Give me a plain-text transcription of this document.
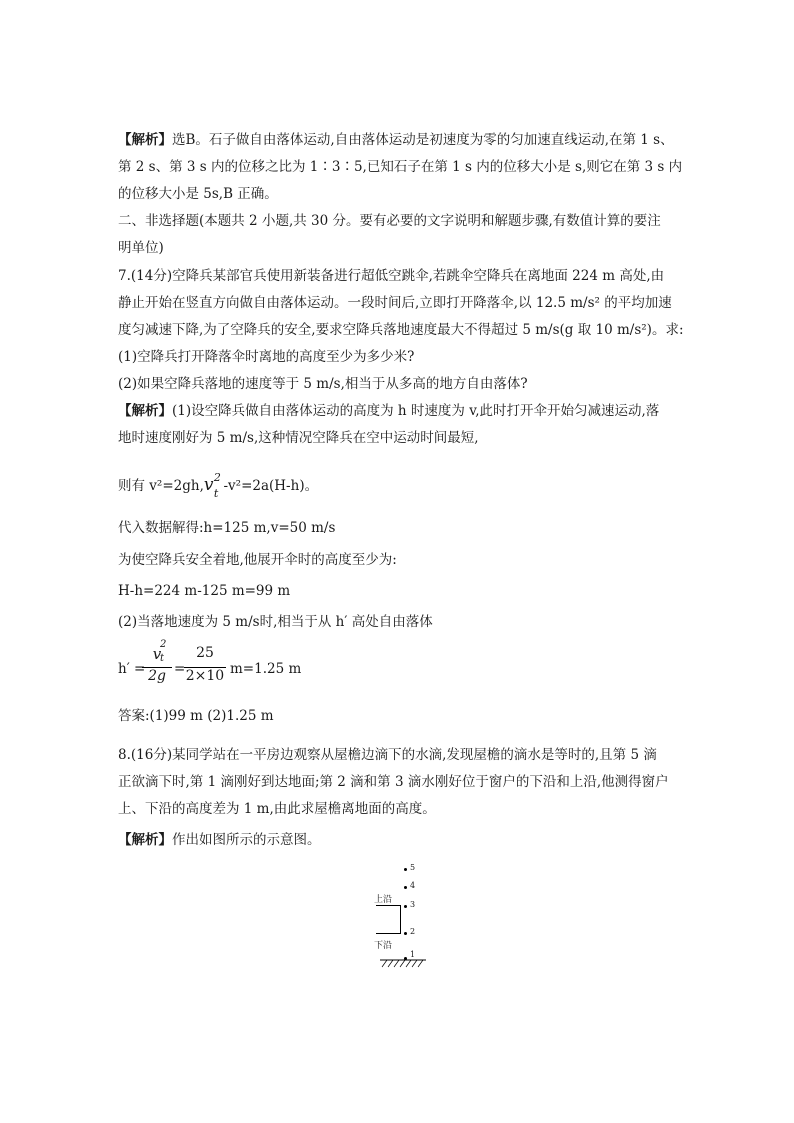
【解析】选B。石子做自由落体运动,自由落体运动是初速度为零的匀加速直线运动,在第 1 s、
第 2 s、第 3 s 内的位移之比为 1∶3∶5,已知石子在第 1 s 内的位移大小是 s,则它在第 3 s 内
的位移大小是 5s,B 正确。
二、非选择题(本题共 2 小题,共 30 分。要有必要的文字说明和解题步骤,有数值计算的要注
明单位)
7.(14分)空降兵某部官兵使用新装备进行超低空跳伞,若跳伞空降兵在离地面 224 m 高处,由
静止开始在竖直方向做自由落体运动。一段时间后,立即打开降落伞,以 12.5 m/s² 的平均加速
度匀减速下降,为了空降兵的安全,要求空降兵落地速度最大不得超过 5 m/s(g 取 10 m/s²)。求:
(1)空降兵打开降落伞时离地的高度至少为多少米?
(2)如果空降兵落地的速度等于 5 m/s,相当于从多高的地方自由落体?
【解析】(1)设空降兵做自由落体运动的高度为 h 时速度为 v,此时打开伞开始匀减速运动,落
地时速度刚好为 5 m/s,这种情况空降兵在空中运动时间最短,
则有 v²=2gh,v 2
t -v²=2a(H-h)。
代入数据解得:h=125 m,v=50 m/s
为使空降兵安全着地,他展开伞时的高度至少为:
H-h=224 m-125 m=99 m
(2)当落地速度为 5 m/s时,相当于从 h′ 高处自由落体
h′ =
v
2
t
2g =
25
2×10 m=1.25 m
答案:(1)99 m (2)1.25 m
8.(16分)某同学站在一平房边观察从屋檐边滴下的水滴,发现屋檐的滴水是等时的,且第 5 滴
正欲滴下时,第 1 滴刚好到达地面;第 2 滴和第 3 滴水刚好位于窗户的下沿和上沿,他测得窗户
上、下沿的高度差为 1 m,由此求屋檐离地面的高度。
【解析】作出如图所示的示意图。
上沿
下沿
5
4
3
2
1
